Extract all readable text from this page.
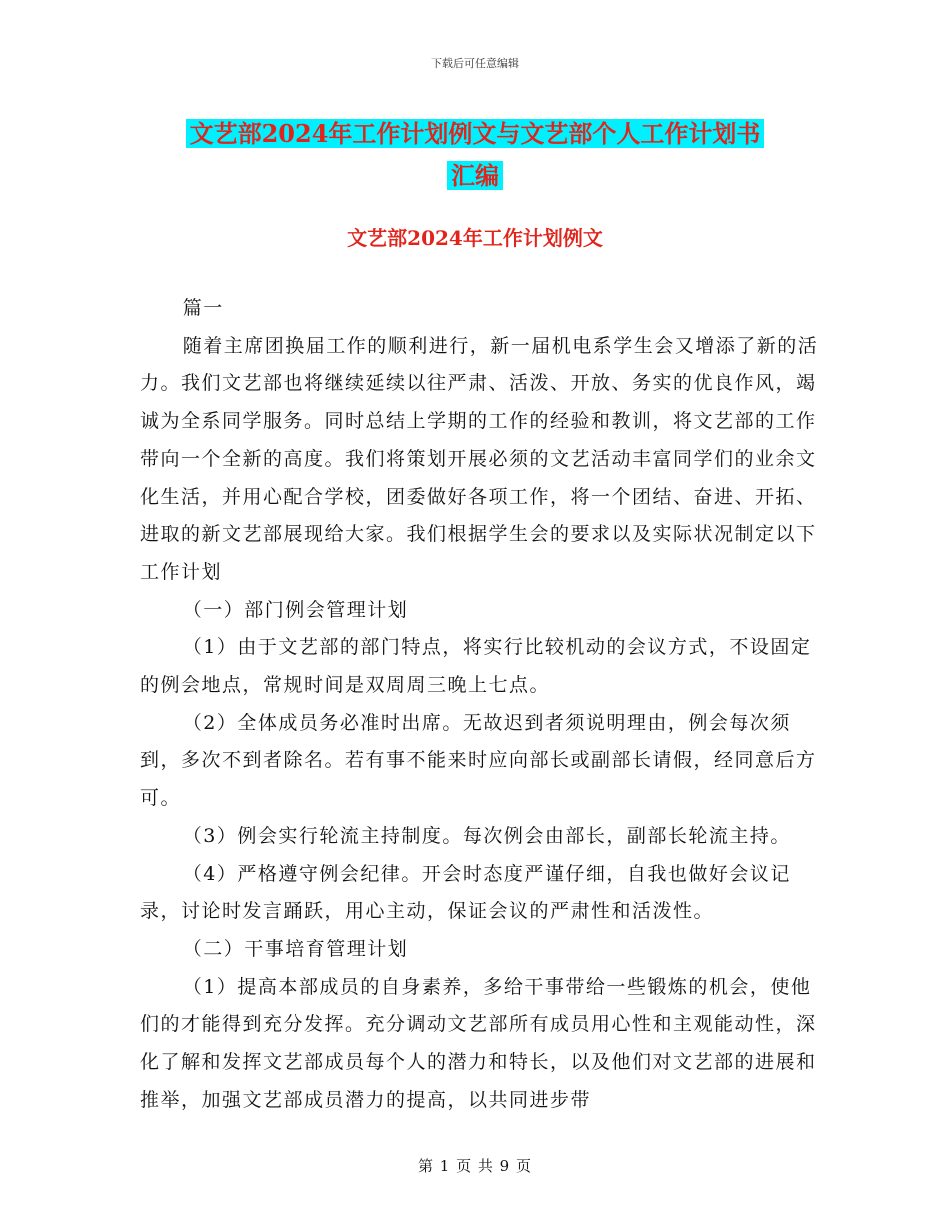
下载后可任意编辑
文艺部2024年工作计划例文与文艺部个人工作计划书
汇编
文艺部2024年工作计划例文

篇一

随着主席团换届工作的顺利进行，新一届机电系学生会又增添了新的活力。我们文艺部也将继续延续以往严肃、活泼、开放、务实的优良作风，竭诚为全系同学服务。同时总结上学期的工作的经验和教训，将文艺部的工作带向一个全新的高度。我们将策划开展必须的文艺活动丰富同学们的业余文化生活，并用心配合学校，团委做好各项工作，将一个团结、奋进、开拓、进取的新文艺部展现给大家。我们根据学生会的要求以及实际状况制定以下工作计划

（一）部门例会管理计划

（1）由于文艺部的部门特点，将实行比较机动的会议方式，不设固定的例会地点，常规时间是双周周三晚上七点。

（2）全体成员务必准时出席。无故迟到者须说明理由，例会每次须到，多次不到者除名。若有事不能来时应向部长或副部长请假，经同意后方可。

（3）例会实行轮流主持制度。每次例会由部长，副部长轮流主持。

（4）严格遵守例会纪律。开会时态度严谨仔细，自我也做好会议记录，讨论时发言踊跃，用心主动，保证会议的严肃性和活泼性。

（二）干事培育管理计划

（1）提高本部成员的自身素养，多给干事带给一些锻炼的机会，使他们的才能得到充分发挥。充分调动文艺部所有成员用心性和主观能动性，深化了解和发挥文艺部成员每个人的潜力和特长，以及他们对文艺部的进展和推举，加强文艺部成员潜力的提高，以共同进步带

第 1 页 共 9 页
